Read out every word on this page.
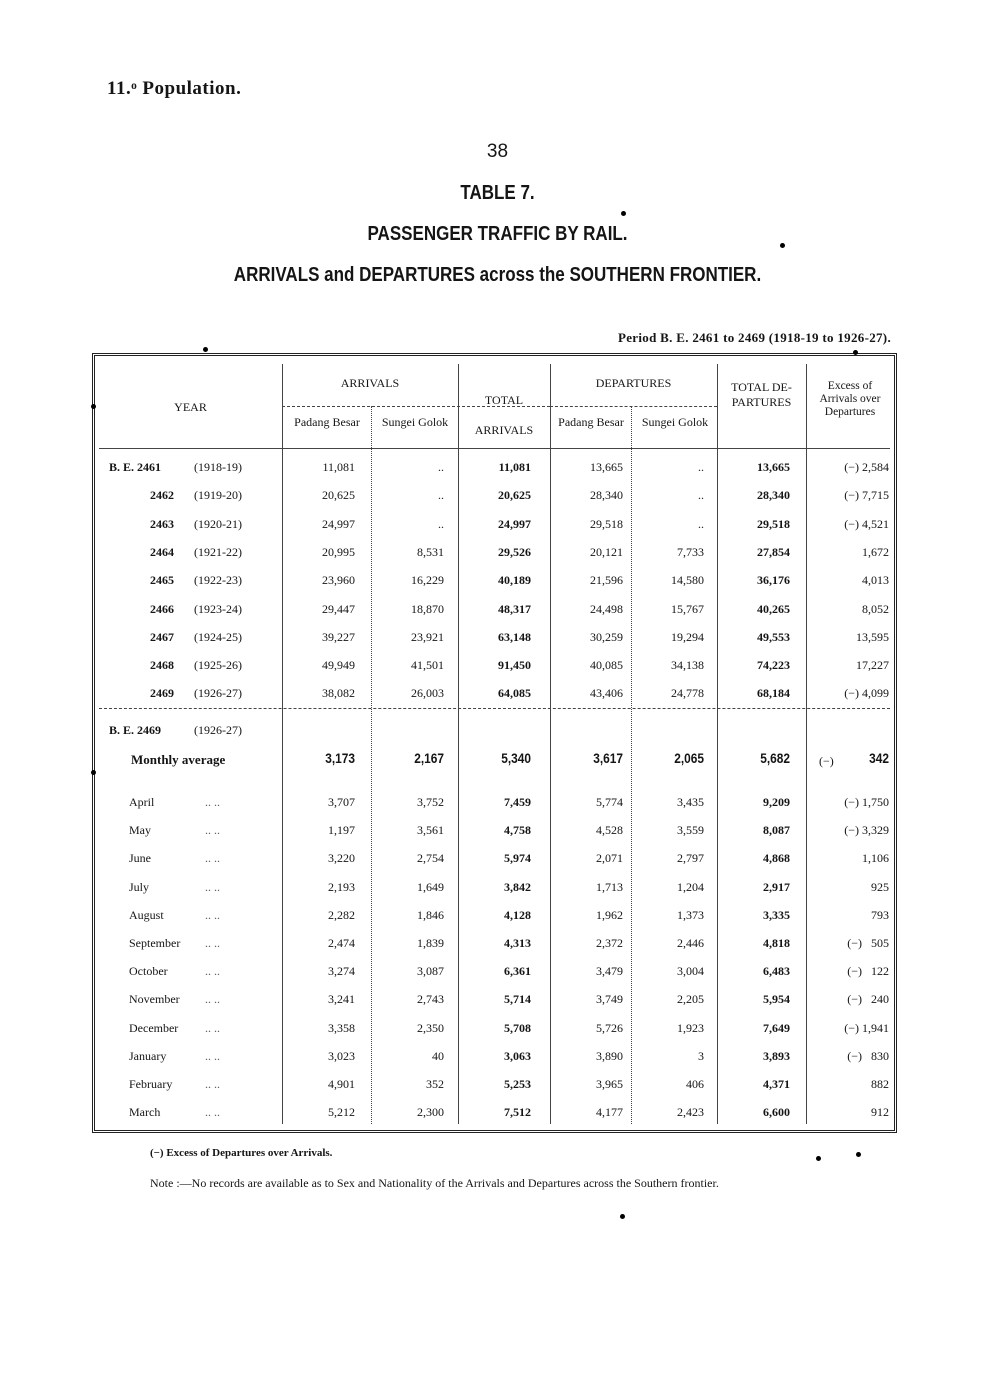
11.ᵒ Population.
38
TABLE 7.
PASSENGER TRAFFIC BY RAIL.
ARRIVALS and DEPARTURES across the SOUTHERN FRONTIER.
Period B. E. 2461 to 2469 (1918-19 to 1926-27).
YEAR
ARRIVALS
Padang Besar	Sungei Golok
TOTAL ARRIVALS
DEPARTURES
Padang Besar	Sungei Golok
TOTAL DE-PARTURES
Excess of Arrivals over Departures
B. E. 2461	(1918-19)	11,081	..	11,081	13,665	..	13,665	(−) 2,584
2462 (1919-20)	20,625	..	20,625	28,340	..	28,340	(−) 7,715
2463 (1920-21)	24,997	..	24,997	29,518	..	29,518	(−) 4,521
2464 (1921-22)	20,995	8,531	29,526	20,121	7,733	27,854	1,672
2465 (1922-23)	23,960	16,229	40,189	21,596	14,580	36,176	4,013
2466 (1923-24)	29,447	18,870	48,317	24,498	15,767	40,265	8,052
2467 (1924-25)	39,227	23,921	63,148	30,259	19,294	49,553	13,595
2468 (1925-26)	49,949	41,501	91,450	40,085	34,138	74,223	17,227
2469 (1926-27)	38,082	26,003	64,085	43,406	24,778	68,184	(−) 4,099
B. E. 2469	(1926-27)
Monthly average	3,173	2,167	5,340	3,617	2,065	5,682 (−)	342
April	.. ..	3,707	3,752	7,459	5,774	3,435	9,209	(−) 1,750
May	.. ..	1,197	3,561	4,758	4,528	3,559	8,087	(−) 3,329
June	.. ..	3,220	2,754	5,974	2,071	2,797	4,868	1,106
July	.. ..	2,193	1,649	3,842	1,713	1,204	2,917	925
August	.. ..	2,282	1,846	4,128	1,962	1,373	3,335	793
September .. ..	2,474	1,839	4,313	2,372	2,446	4,818	(−)   505
October	.. ..	3,274	3,087	6,361	3,479	3,004	6,483	(−)   122
November .. ..	3,241	2,743	5,714	3,749	2,205	5,954	(−)   240
December .. ..	3,358	2,350	5,708	5,726	1,923	7,649	(−) 1,941
January	.. ..	3,023	40	3,063	3,890	3	3,893	(−)   830
February	.. ..	4,901	352	5,253	3,965	406	4,371	882
March	.. ..	5,212	2,300	7,512	4,177	2,423	6,600	912
(−) Excess of Departures over Arrivals.
Note :—No records are available as to Sex and Nationality of the Arrivals and Departures across the Southern frontier.
